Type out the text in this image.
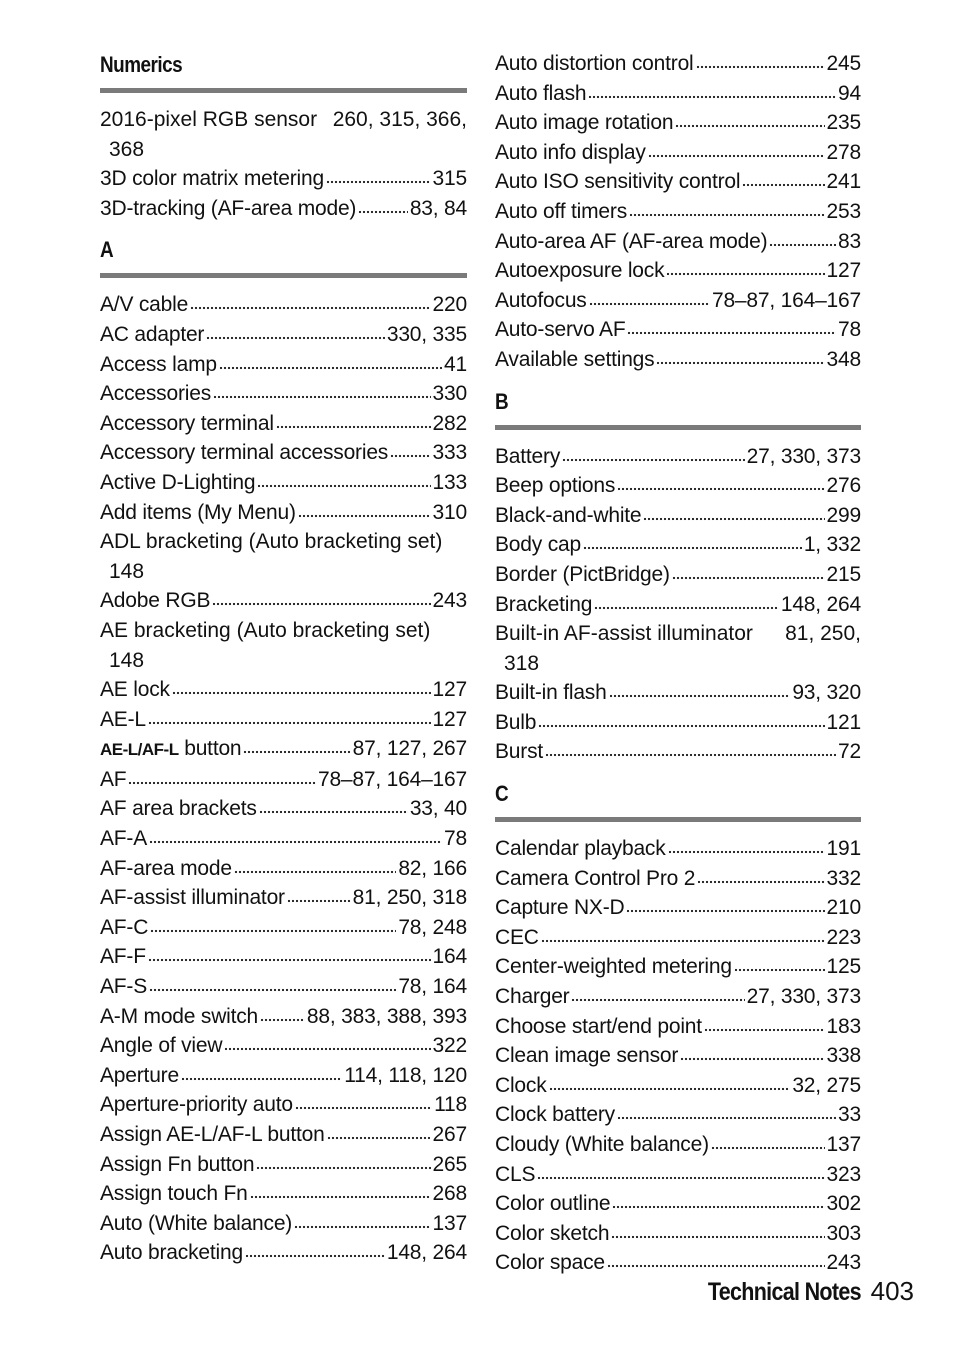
Numerics
2016-pixel RGB sensor 260, 315, 366,
368
3D color matrix metering	315
3D-tracking (AF-area mode)	83, 84
A
A/V cable	220
AC adapter	330, 335
Access lamp	41
Accessories	330
Accessory terminal	282
Accessory terminal accessories 333
Active D-Lighting	133
Add items (My Menu)	310
ADL bracketing (Auto bracketing set)
148
Adobe RGB	243
AE bracketing (Auto bracketing set)
148
AE lock	127
AE-L	127
AE-L/AF-L button	87, 127, 267
AF	78–87, 164–167
AF area brackets	33, 40
AF-A	78
AF-area mode	82, 166
AF-assist illuminator	81, 250, 318
AF-C	78, 248
AF-F	164
AF-S	78, 164
A-M mode switch 88, 383, 388, 393
Angle of view	322
Aperture	114, 118, 120
Aperture-priority auto	118
Assign AE-L/AF-L button	267
Assign Fn button	265
Assign touch Fn	268
Auto (White balance)	137
Auto bracketing	148, 264
Auto distortion control	245
Auto flash	94
Auto image rotation	235
Auto info display	278
Auto ISO sensitivity control	241
Auto off timers	253
Auto-area AF (AF-area mode)	83
Autoexposure lock	127
Autofocus	78–87, 164–167
Auto-servo AF	78
Available settings	348
B
Battery	27, 330, 373
Beep options	276
Black-and-white	299
Body cap	1, 332
Border (PictBridge)	215
Bracketing	148, 264
Built-in AF-assist illuminator 81, 250,
318
Built-in flash	93, 320
Bulb	121
Burst	72
C
Calendar playback	191
Camera Control Pro 2	332
Capture NX-D	210
CEC	223
Center-weighted metering	125
Charger	27, 330, 373
Choose start/end point	183
Clean image sensor	338
Clock	32, 275
Clock battery	33
Cloudy (White balance)	137
CLS	323
Color outline	302
Color sketch	303
Color space	243
Technical Notes 403
